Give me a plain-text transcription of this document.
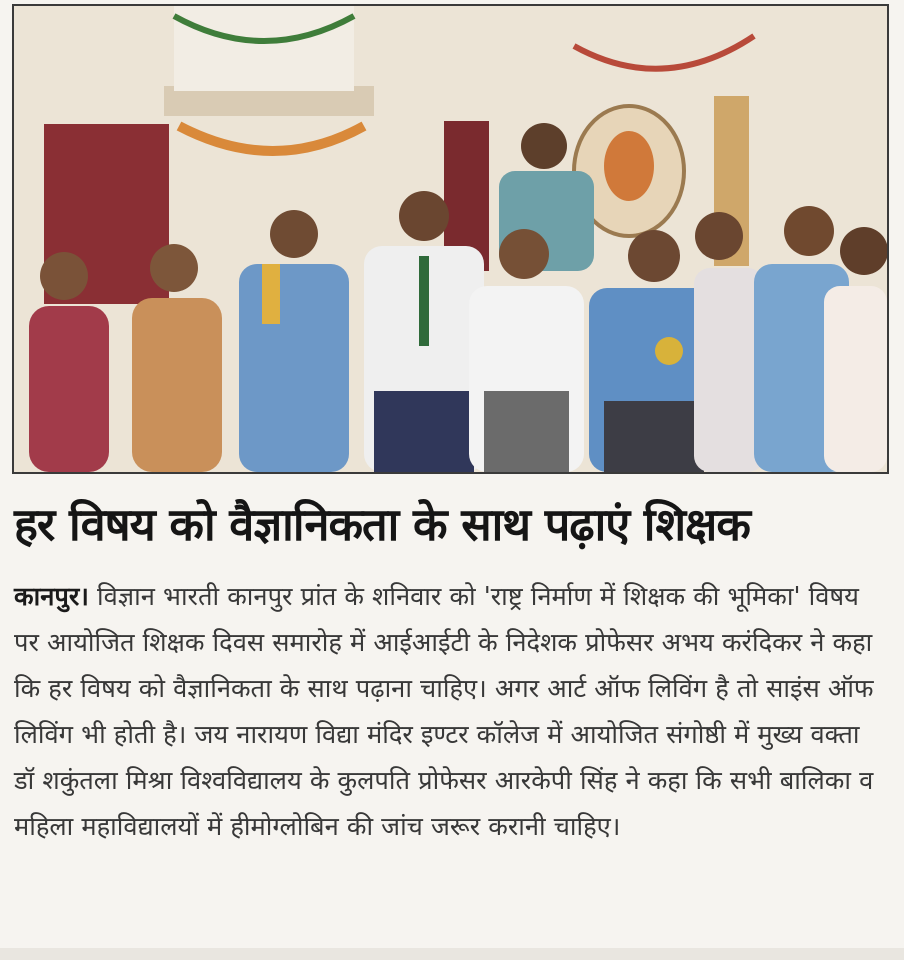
हर विषय को वैज्ञानिकता के साथ पढ़ाएं शिक्षक
कानपुर। विज्ञान भारती कानपुर प्रांत के शनिवार को 'राष्ट्र निर्माण में शिक्षक की भूमिका' विषय पर आयोजित शिक्षक दिवस समारोह में आईआईटी के निदेशक प्रोफेसर अभय करंदिकर ने कहा कि हर विषय को वैज्ञानिकता के साथ पढ़ाना चाहिए। अगर आर्ट ऑफ लिविंग है तो साइंस ऑफ लिविंग भी होती है। जय नारायण विद्या मंदिर इण्टर कॉलेज में आयोजित संगोष्ठी में मुख्य वक्ता डॉ शकुंतला मिश्रा विश्वविद्यालय के कुलपति प्रोफेसर आरकेपी सिंह ने कहा कि सभी बालिका व महिला महाविद्यालयों में हीमोग्लोबिन की जांच जरूर करानी चाहिए।
